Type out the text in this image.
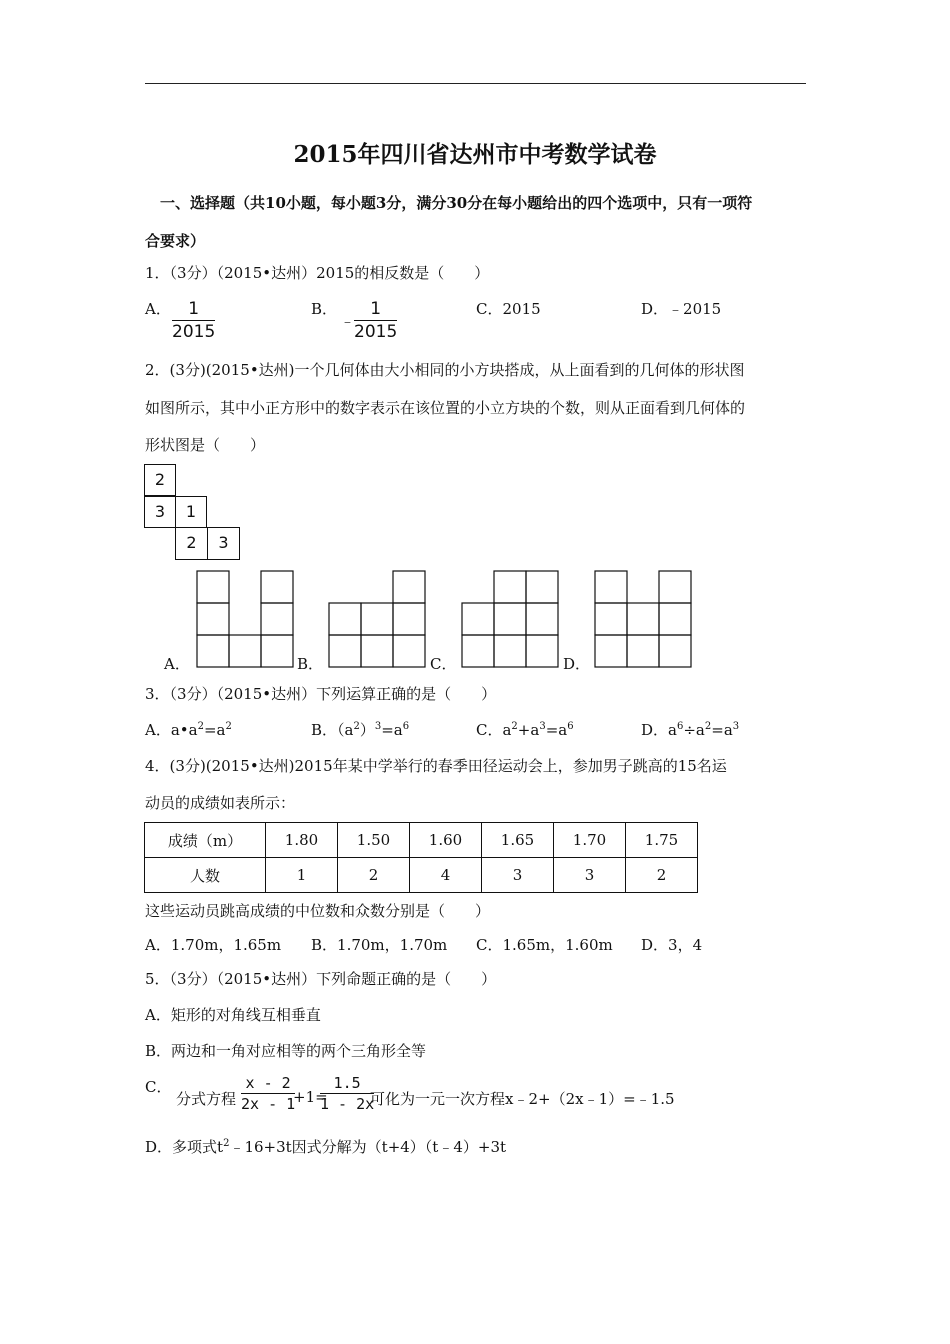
2015年四川省达州市中考数学试卷
一、选择题（共10小题，每小题3分，满分30分在每小题给出的四个选项中，只有一项符
合要求）
1．（3分）（2015•达州）2015的相反数是（　　）
A． $\frac{1}{2015}$	B．
﹣
$\frac{1}{2015}$	C．2015	D．﹣2015
2．(3分)(2015•达州)一个几何体由大小相同的小方块搭成，从上面看到的几何体的形状图
如图所示，其中小正方形中的数字表示在该位置的小立方块的个数，则从正面看到几何体的
形状图是（　　）
2
3	1
2	3
A．	B．	C．	D．
3．（3分）（2015•达州）下列运算正确的是（　　）
A．$a•a^2=a^2$	B．$(a^2)^3=a^6$	C．$a^2+a^3=a^6$	D．$a^6\div a^2=a^3$
4．(3分)(2015•达州)2015年某中学举行的春季田径运动会上，参加男子跳高的15名运
动员的成绩如表所示：
成绩（m）	1.80	1.50	1.60	1.65	1.70	1.75
人数	1	2	4	3	3	2
这些运动员跳高成绩的中位数和众数分别是（　　）
A．1.70m，1.65m B．1.70m，1.70m C．1.65m，1.60m D．3，4
5．（3分）（2015•达州）下列命题正确的是（　　）
A．矩形的对角线互相垂直
B．两边和一角对应相等的两个三角形全等
C．
分式方程 $\frac{x - 2}{2x - 1}$
+1=
$\frac{1.5}{1 - 2x}$
可化为一元一次方程x﹣2+（2x﹣1）=﹣1.5
D．多项式$t^2﹣16+3t$因式分解为（t+4）（t﹣4）+3t
